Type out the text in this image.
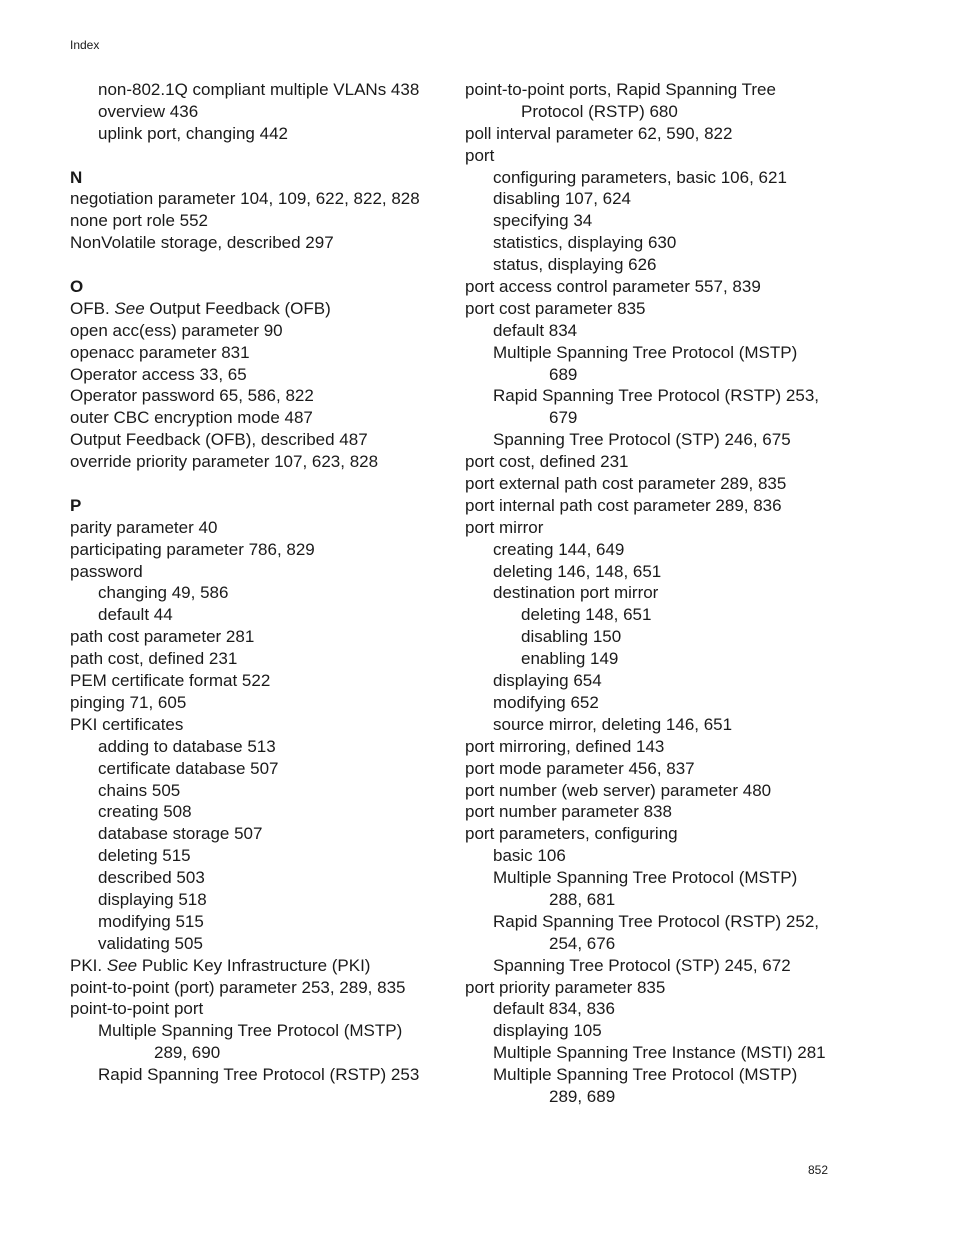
Index
non-802.1Q compliant multiple VLANs 438
overview 436
uplink port, changing 442
N
negotiation parameter 104, 109, 622, 822, 828
none port role 552
NonVolatile storage, described 297
O
OFB. See Output Feedback (OFB)
open acc(ess) parameter 90
openacc parameter 831
Operator access 33, 65
Operator password 65, 586, 822
outer CBC encryption mode 487
Output Feedback (OFB), described 487
override priority parameter 107, 623, 828
P
parity parameter 40
participating parameter 786, 829
password
changing 49, 586
default 44
path cost parameter 281
path cost, defined 231
PEM certificate format 522
pinging 71, 605
PKI certificates
adding to database 513
certificate database 507
chains 505
creating 508
database storage 507
deleting 515
described 503
displaying 518
modifying 515
validating 505
PKI. See Public Key Infrastructure (PKI)
point-to-point (port) parameter 253, 289, 835
point-to-point port
Multiple Spanning Tree Protocol (MSTP)
289, 690
Rapid Spanning Tree Protocol (RSTP) 253
point-to-point ports, Rapid Spanning Tree
Protocol (RSTP) 680
poll interval parameter 62, 590, 822
port
configuring parameters, basic 106, 621
disabling 107, 624
specifying 34
statistics, displaying 630
status, displaying 626
port access control parameter 557, 839
port cost parameter 835
default 834
Multiple Spanning Tree Protocol (MSTP)
689
Rapid Spanning Tree Protocol (RSTP) 253,
679
Spanning Tree Protocol (STP) 246, 675
port cost, defined 231
port external path cost parameter 289, 835
port internal path cost parameter 289, 836
port mirror
creating 144, 649
deleting 146, 148, 651
destination port mirror
deleting 148, 651
disabling 150
enabling 149
displaying 654
modifying 652
source mirror, deleting 146, 651
port mirroring, defined 143
port mode parameter 456, 837
port number (web server) parameter 480
port number parameter 838
port parameters, configuring
basic 106
Multiple Spanning Tree Protocol (MSTP)
288, 681
Rapid Spanning Tree Protocol (RSTP) 252,
254, 676
Spanning Tree Protocol (STP) 245, 672
port priority parameter 835
default 834, 836
displaying 105
Multiple Spanning Tree Instance (MSTI) 281
Multiple Spanning Tree Protocol (MSTP)
289, 689
852
